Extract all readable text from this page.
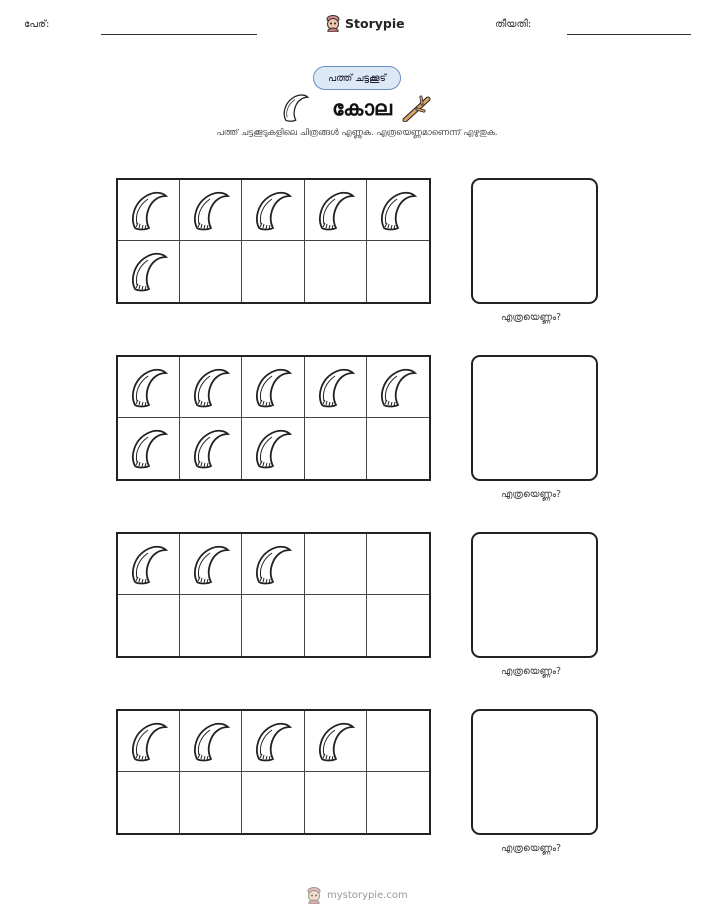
പേര്:	Storypie	തീയതി:
പത്ത് ചട്ടക്കൂട്
കോല
പത്ത് ചട്ടക്കൂടുകളിലെ ചിത്രങ്ങൾ എണ്ണുക. എത്രയെണ്ണമാണെന്ന് എഴുതുക.
എത്രയെണ്ണം?
എത്രയെണ്ണം?
എത്രയെണ്ണം?
എത്രയെണ്ണം?
mystorypie.com
